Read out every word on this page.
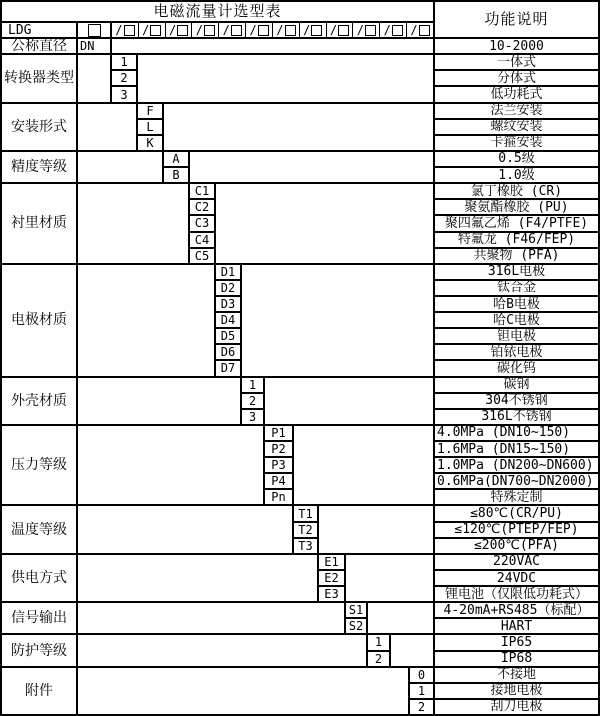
电磁流量计选型表	功能说明
LDG	/ / / / / / / / / / / /
公称直径	DN	10-2000
转换器类型
1	一体式
2	分体式
3	低功耗式
安装形式
F	法兰安装
L	螺纹安装
K	卡箍安装
精度等级
A	0.5级
B	1.0级
衬里材质
C1	氯丁橡胶 (CR)
C2	聚氨酯橡胶 (PU)
C3	聚四氟乙烯 (F4/PTFE)
C4	特氟龙 (F46/FEP)
C5	共聚物 (PFA)
电极材质
D1	316L电极
D2	钛合金
D3	哈B电极
D4	哈C电极
D5	钽电极
D6	铂铱电极
D7	碳化钨
外壳材质
1	碳钢
2	304不锈钢
3	316L不锈钢
压力等级
P1	4.0MPa (DN10~150)
P2	1.6MPa (DN15~150)
P3	1.0MPa (DN200~DN600)
P4	0.6MPa(DN700~DN2000)
Pn	特殊定制
温度等级
T1	≤80℃(CR/PU)
T2	≤120℃(PTEP/FEP)
T3	≤200℃(PFA)
供电方式
E1	220VAC
E2	24VDC
E3	锂电池（仅限低功耗式）
信号输出
S1	4-20mA+RS485（标配）
S2	HART
防护等级
1	IP65
2	IP68
附件
0	不接地
1	接地电极
2	刮刀电极
